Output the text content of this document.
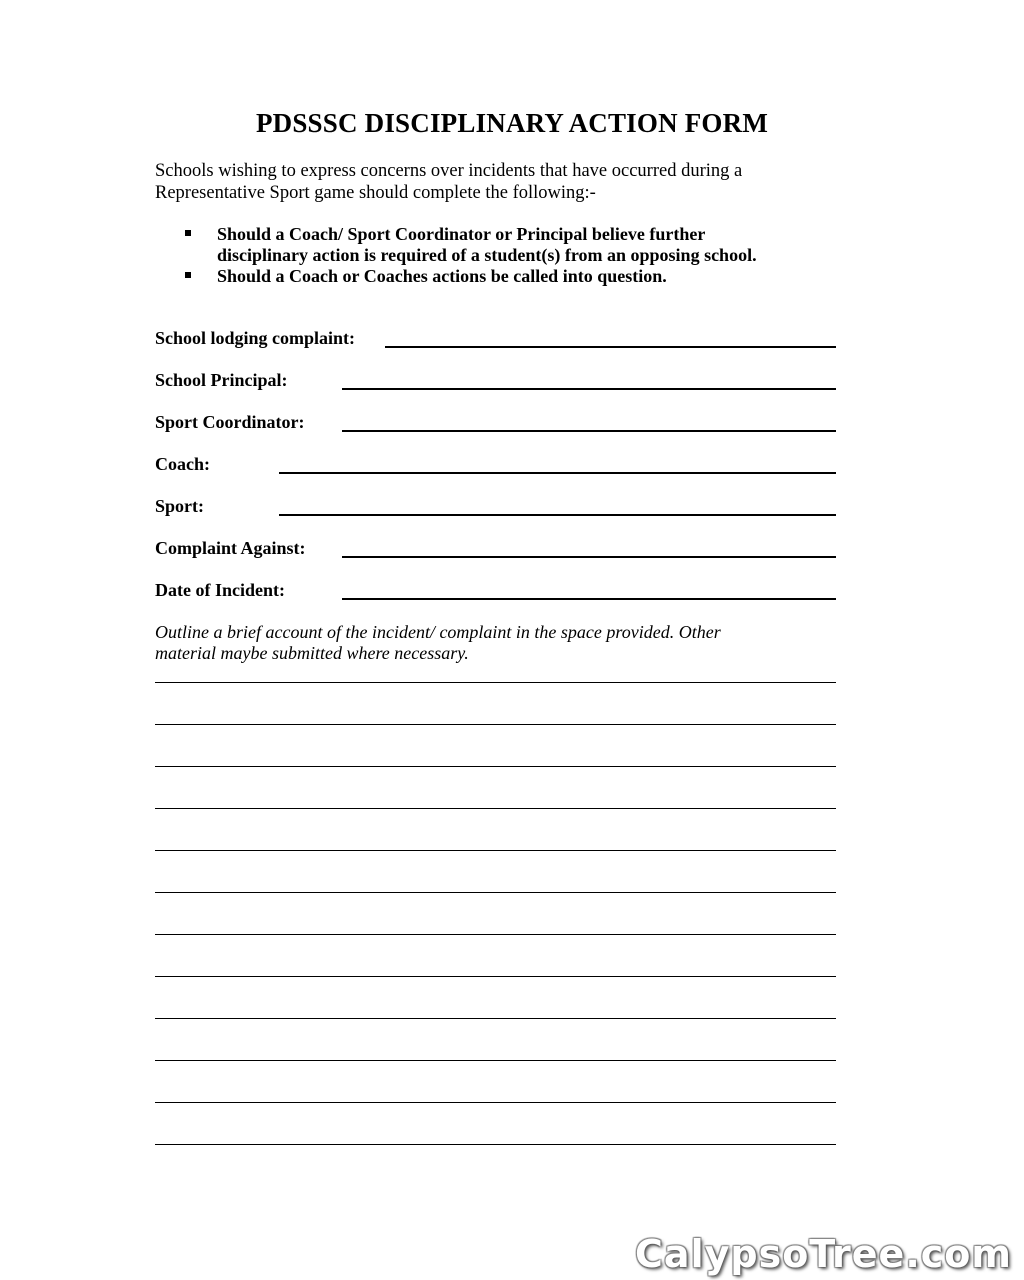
PDSSSC DISCIPLINARY ACTION FORM
Schools wishing to express concerns over incidents that have occurred during a
Representative Sport game should complete the following:-
Should a Coach/ Sport Coordinator or Principal believe further
disciplinary action is required of a student(s) from an opposing school.
Should a Coach or Coaches actions be called into question.
School lodging complaint:
School Principal:
Sport Coordinator:
Coach:
Sport:
Complaint Against:
Date of Incident:
Outline a brief account of the incident/ complaint in the space provided. Other
material maybe submitted where necessary.
CalypsoTree.com
